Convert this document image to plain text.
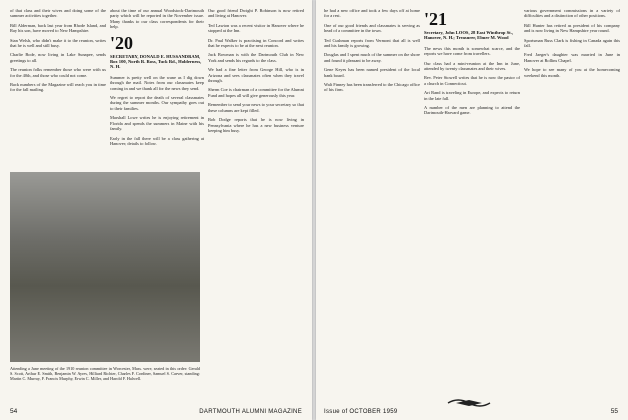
of that class and their wives and doing some of the summer activities together.

Bill Alderman, back last year from Rhode Island, and Ray his son, have moved to New Hampshire.

Stan Welsh, who didn't make it to the reunion, writes that he is well and still busy.

Charlie Bode, now living in Lake Sunapee, sends greetings to all.

The reunion folks remember those who were with us for the 40th, and those who could not come.

Back numbers of the Magazine will reach you in time for the fall mailing.

Attending a June meeting of the 1910 reunion committee in Worcester, Mass. were, seated in this order: Gerald S. Scott, Arthur E. Smith, Benjamin W. Ayres, Hilliard Richter, Charles F. Cordiner, Samuel S. Carver, standing: Martin C. Murray, F. Francis Murphy, Erwin C. Miller, and Harold F. Halwell.

about the time of our annual Woodstock-Dartmouth party which will be reported in the November issue. Many thanks to our class correspondents for their help.

'20
SECRETARY, DONALD E. HUSSANDRAM, Box 100, North R. Ross, Tuck Rd., Holderness, N. H.

Summer is pretty well on the wane as I dig down through the mail. Notes from our classmates keep coming in and we thank all for the news they send.

We regret to report the death of several classmates during the summer months. Our sympathy goes out to their families.

Marshall Lowe writes he is enjoying retirement in Florida and spends the summers in Maine with his family.

Early in the fall there will be a class gathering at Hanover; details to follow.

Our good friend Dwight P. Robinson is now retired and living at Hanover.

Ted Lawton was a recent visitor in Hanover where he stopped at the Inn.

Dr. Paul Walker is practising in Concord and writes that he expects to be at the next reunion.

Jack Bowman is with the Dartmouth Club in New York and sends his regards to the class.

We had a fine letter from George Hill, who is in Arizona and sees classmates often when they travel through.

Sherm Coe is chairman of a committee for the Alumni Fund and hopes all will give generously this year.

Remember to send your news to your secretary so that these columns are kept filled.

Bob Dodge reports that he is now living in Pennsylvania where he has a new business venture keeping him busy.

54	DARTMOUTH ALUMNI MAGAZINE

he had a new office and took a few days off at home for a rest.

One of our good friends and classmates is serving as head of a committee in the town.

Ted Cushman reports from Vermont that all is well and his family is growing.

Douglas and I spent much of the summer on the shore and found it pleasant to be away.

Gene Keyes has been named president of the local bank board.

Walt Finney has been transferred to the Chicago office of his firm.

'21
Secretary, John LOOS, 28 East Winthrop St., Hanover, N. H.; Treasurer, Elmer M. Wood

The news this month is somewhat scarce, and the reports we have come from travellers.

Our class had a mini-reunion at the Inn in June, attended by twenty classmates and their wives.

Rev. Peter Stowell writes that he is now the pastor of a church in Connecticut.

Art Rand is traveling in Europe, and expects to return in the late fall.

A number of the men are planning to attend the Dartmouth-Harvard game.

various government commissions in a variety of difficulties and a distinction of other positions.

Bill Hunter has retired as president of his company and is now living in New Hampshire year round.

Sportsman Russ Clark is fishing in Canada again this fall.

Fred Jaeger's daughter was married in June in Hanover at Rollins Chapel.

We hope to see many of you at the homecoming weekend this month.

Issue of OCTOBER 1959	55
